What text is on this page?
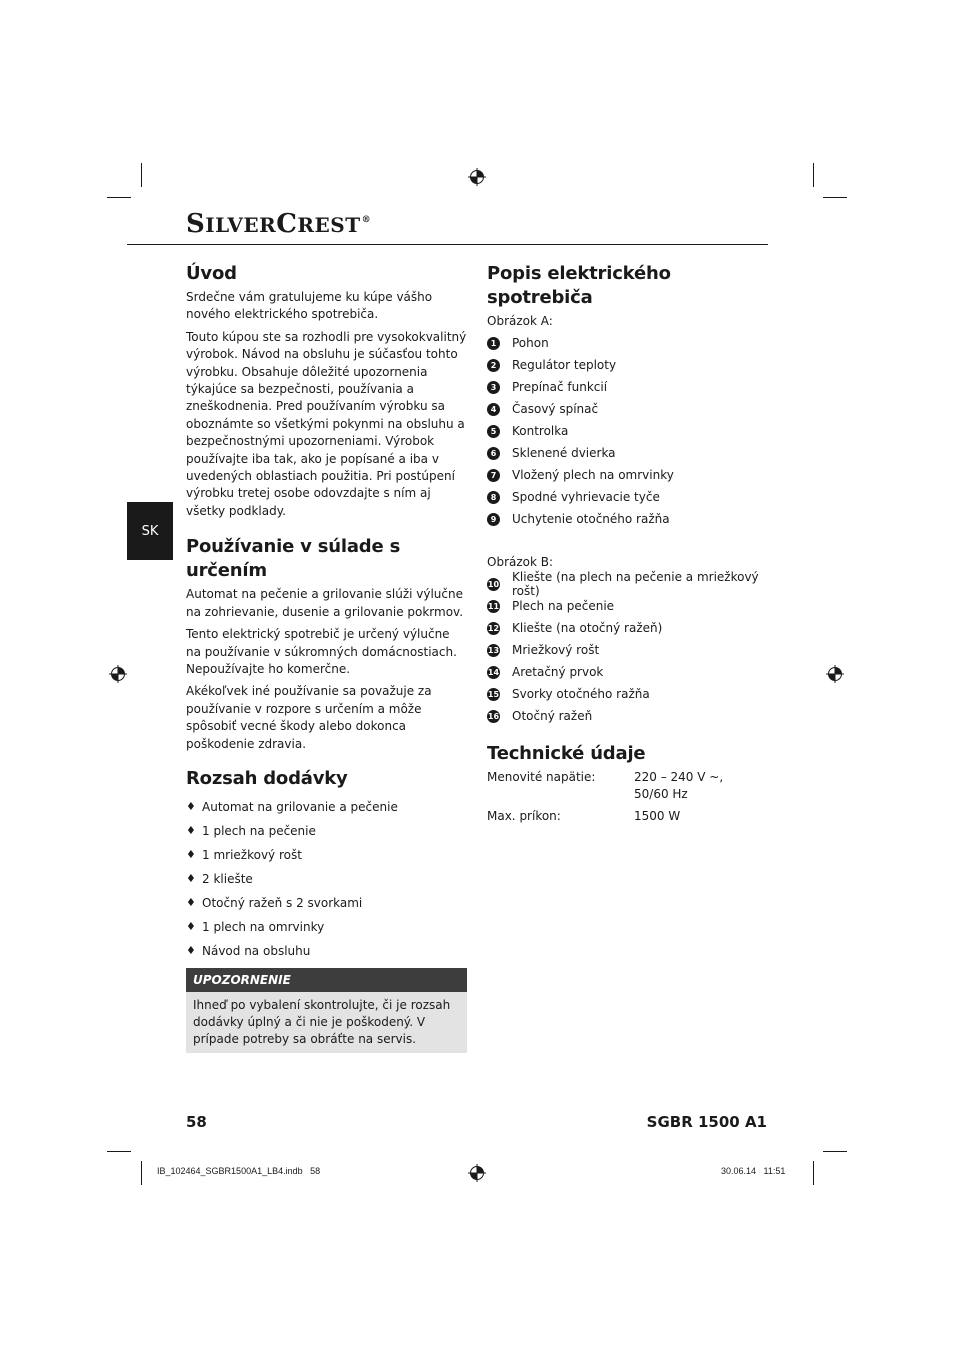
SILVERCREST®
SK
Úvod

Srdečne vám gratulujeme ku kúpe vášho nového elektrického spotrebiča.

Touto kúpou ste sa rozhodli pre vysokokvalitný výrobok. Návod na obsluhu je súčasťou tohto výrobku. Obsahuje dôležité upozornenia týkajúce sa bezpečnosti, používania a zneškodnenia. Pred používaním výrobku sa oboznámte so všetkými pokynmi na obsluhu a bezpečnostnými upozorneniami. Výrobok používajte iba tak, ako je popísané a iba v uvedených oblastiach použitia. Pri postúpení výrobku tretej osobe odovzdajte s ním aj všetky podklady.

Používanie v súlade s určením

Automat na pečenie a grilovanie slúži výlučne na zohrievanie, dusenie a grilovanie pokrmov.

Tento elektrický spotrebič je určený výlučne na používanie v súkromných domácnostiach. Nepoužívajte ho komerčne.

Akékoľvek iné používanie sa považuje za používanie v rozpore s určením a môže spôsobiť vecné škody alebo dokonca poškodenie zdravia.

Rozsah dodávky
♦ Automat na grilovanie a pečenie
♦ 1 plech na pečenie
♦ 1 mriežkový rošt
♦ 2 kliešte
♦ Otočný ražeň s 2 svorkami
♦ 1 plech na omrvinky
♦ Návod na obsluhu
UPOZORNENIE
Ihneď po vybalení skontrolujte, či je rozsah dodávky úplný a či nie je poškodený. V prípade potreby sa obráťte na servis.
Popis elektrického spotrebiča

Obrázok A:

1	Pohon
2	Regulátor teploty
3	Prepínač funkcií
4	Časový spínač
5	Kontrolka
6	Sklenené dvierka
7	Vložený plech na omrvinky
8	Spodné vyhrievacie tyče
9	Uchytenie otočného ražňa

Obrázok B:

10 Kliešte (na plech na pečenie a mriežkový rošt)
11 Plech na pečenie
12 Kliešte (na otočný ražeň)
13 Mriežkový rošt
14 Aretačný prvok
15 Svorky otočného ražňa
16 Otočný ražeň
Technické údaje
Menovité napätie:	220 – 240 V ~,
50/60 Hz
Max. príkon:	1500 W
58	SGBR 1500 A1
IB_102464_SGBR1500A1_LB4.indb   58	30.06.14   11:51
